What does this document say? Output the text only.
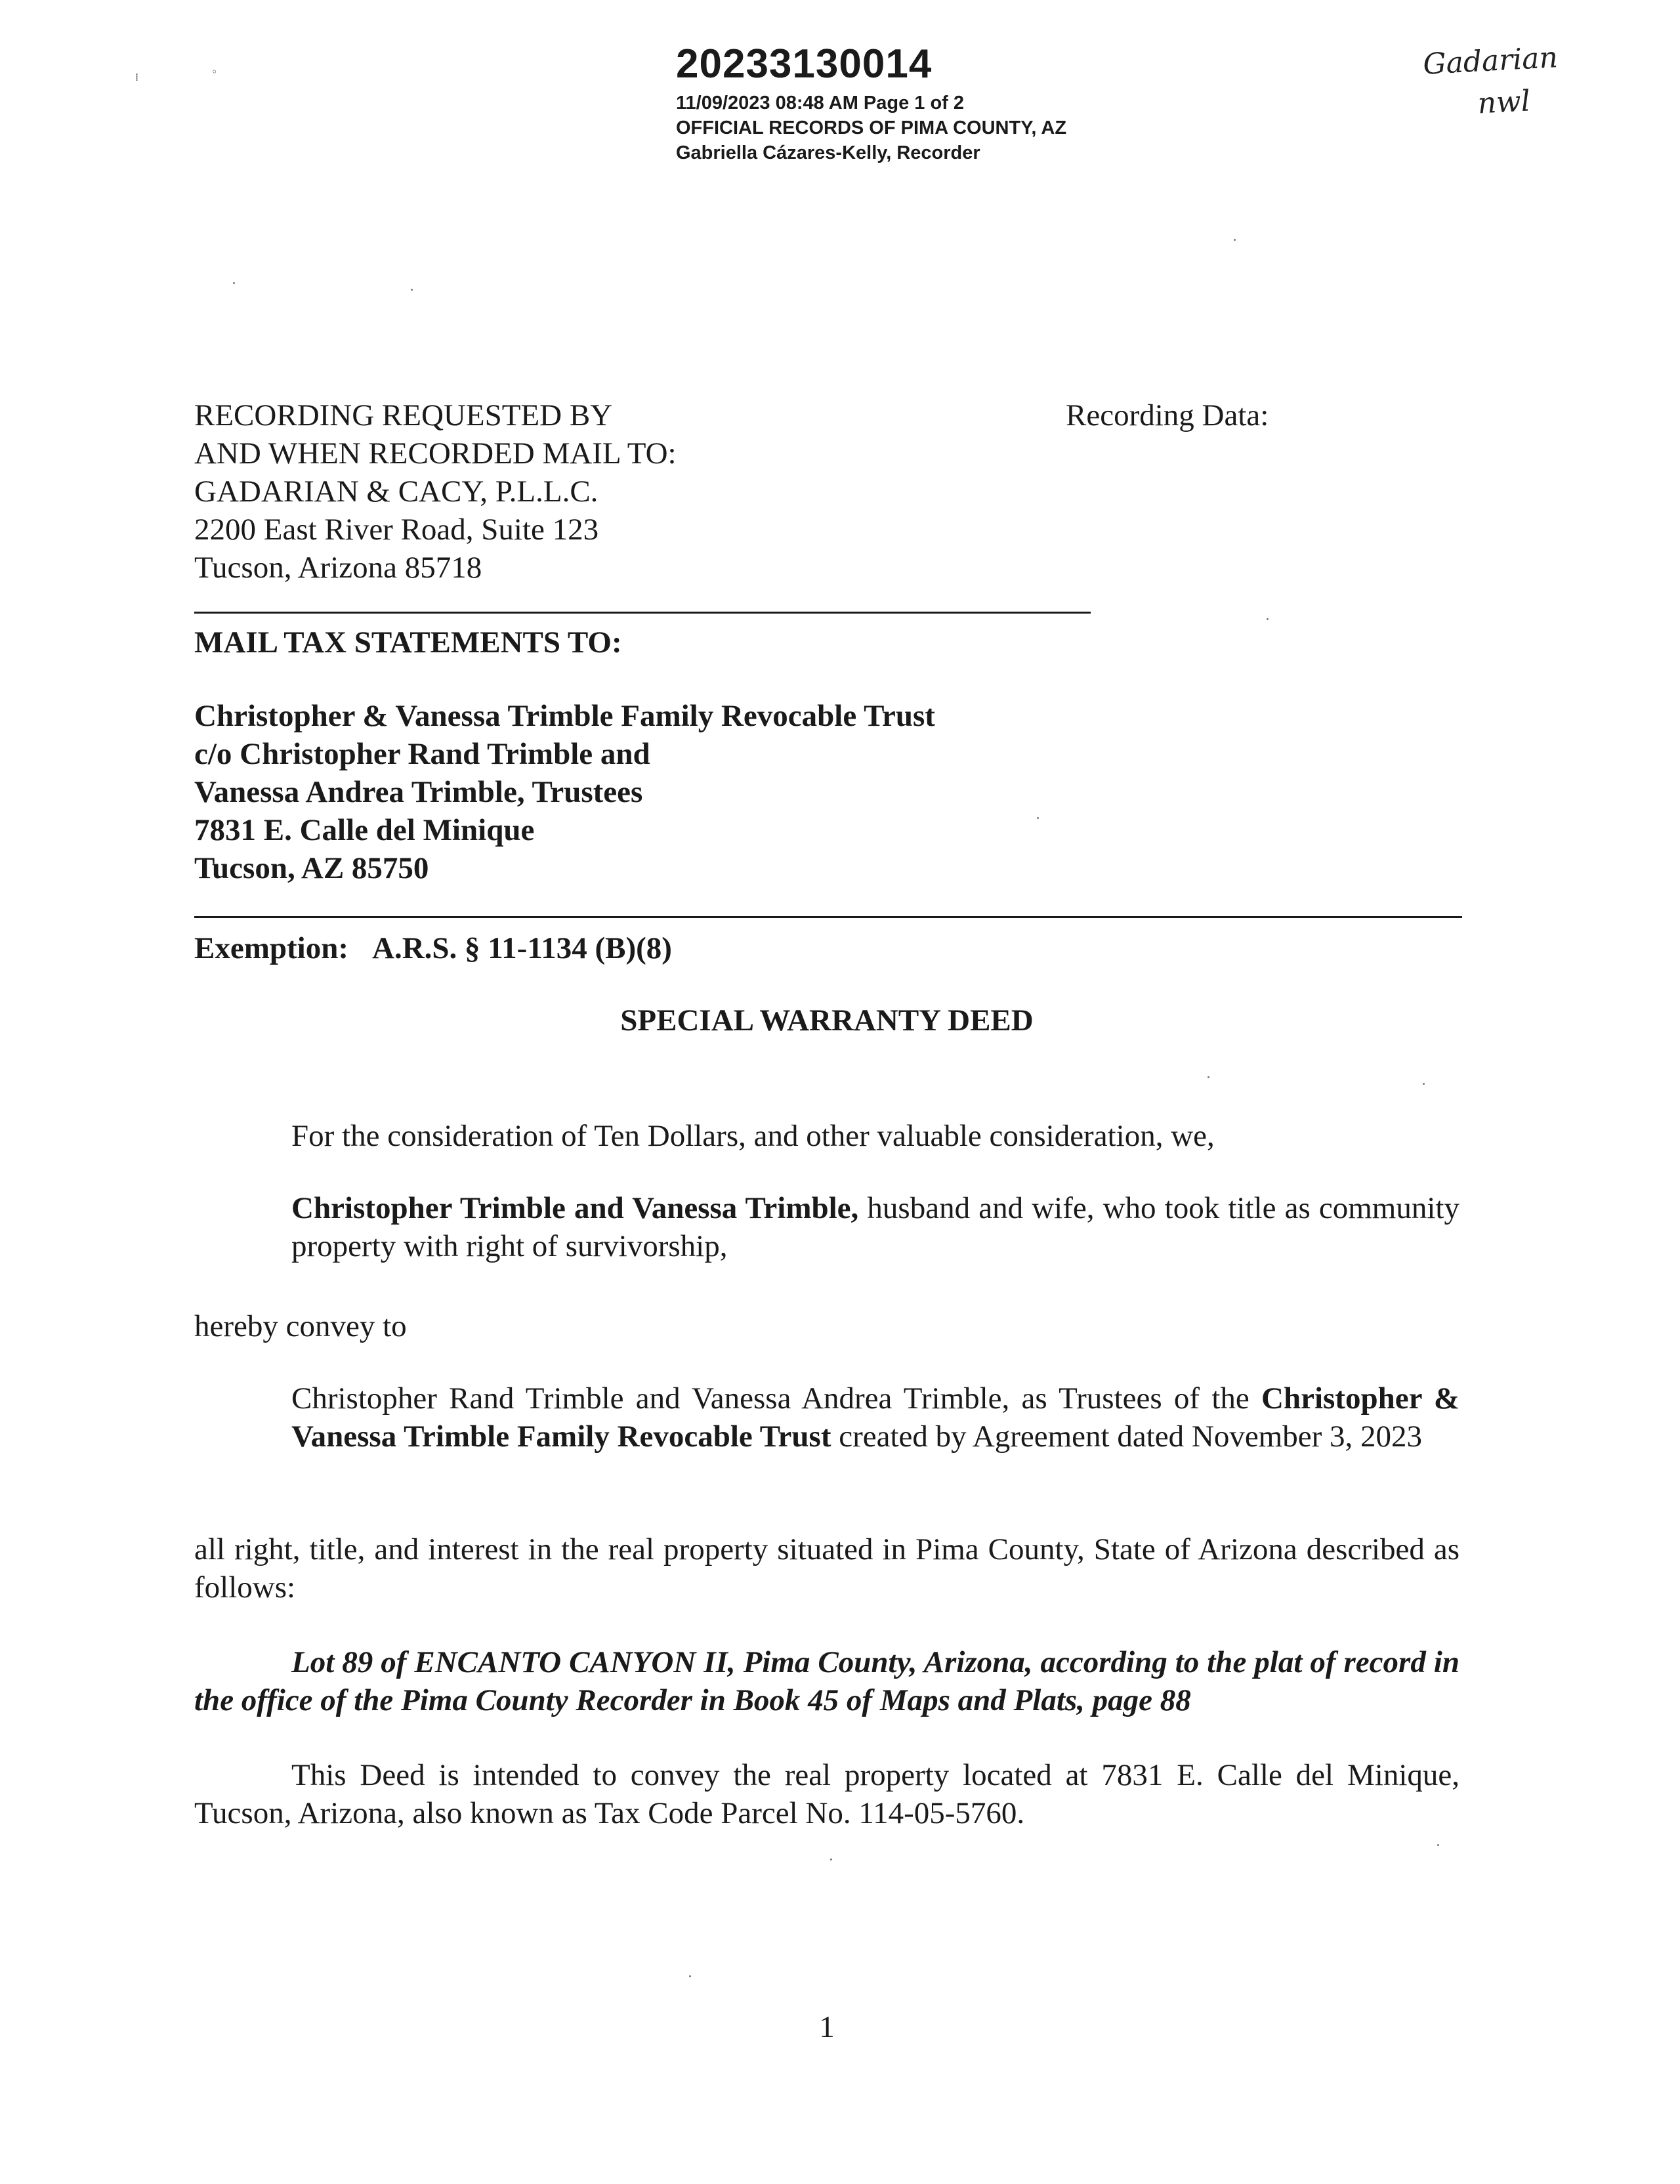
⁞	◦	20233130014
11/09/2023 08:48 AM Page 1 of 2
OFFICIAL RECORDS OF PIMA COUNTY, AZ
Gabriella Cázares-Kelly, Recorder
Gadarian
nwl
RECORDING REQUESTED BY
AND WHEN RECORDED MAIL TO:
GADARIAN & CACY, P.L.L.C.
2200 East River Road, Suite 123
Tucson, Arizona 85718
Recording Data:
MAIL TAX STATEMENTS TO:
Christopher & Vanessa Trimble Family Revocable Trust
c/o Christopher Rand Trimble and
Vanessa Andrea Trimble, Trustees
7831 E. Calle del Minique
Tucson, AZ 85750
Exemption: A.R.S. § 11-1134 (B)(8)
SPECIAL WARRANTY DEED
For the consideration of Ten Dollars, and other valuable consideration, we,
Christopher Trimble and Vanessa Trimble, husband and wife, who took title as community property with right of survivorship,
hereby convey to
Christopher Rand Trimble and Vanessa Andrea Trimble, as Trustees of the Christopher & Vanessa Trimble Family Revocable Trust created by Agreement dated November 3, 2023
all right, title, and interest in the real property situated in Pima County, State of Arizona described as follows:
Lot 89 of ENCANTO CANYON II, Pima County, Arizona, according to the plat of record in the office of the Pima County Recorder in Book 45 of Maps and Plats, page 88
This Deed is intended to convey the real property located at 7831 E. Calle del Minique, Tucson, Arizona, also known as Tax Code Parcel No. 114-05-5760.
1
